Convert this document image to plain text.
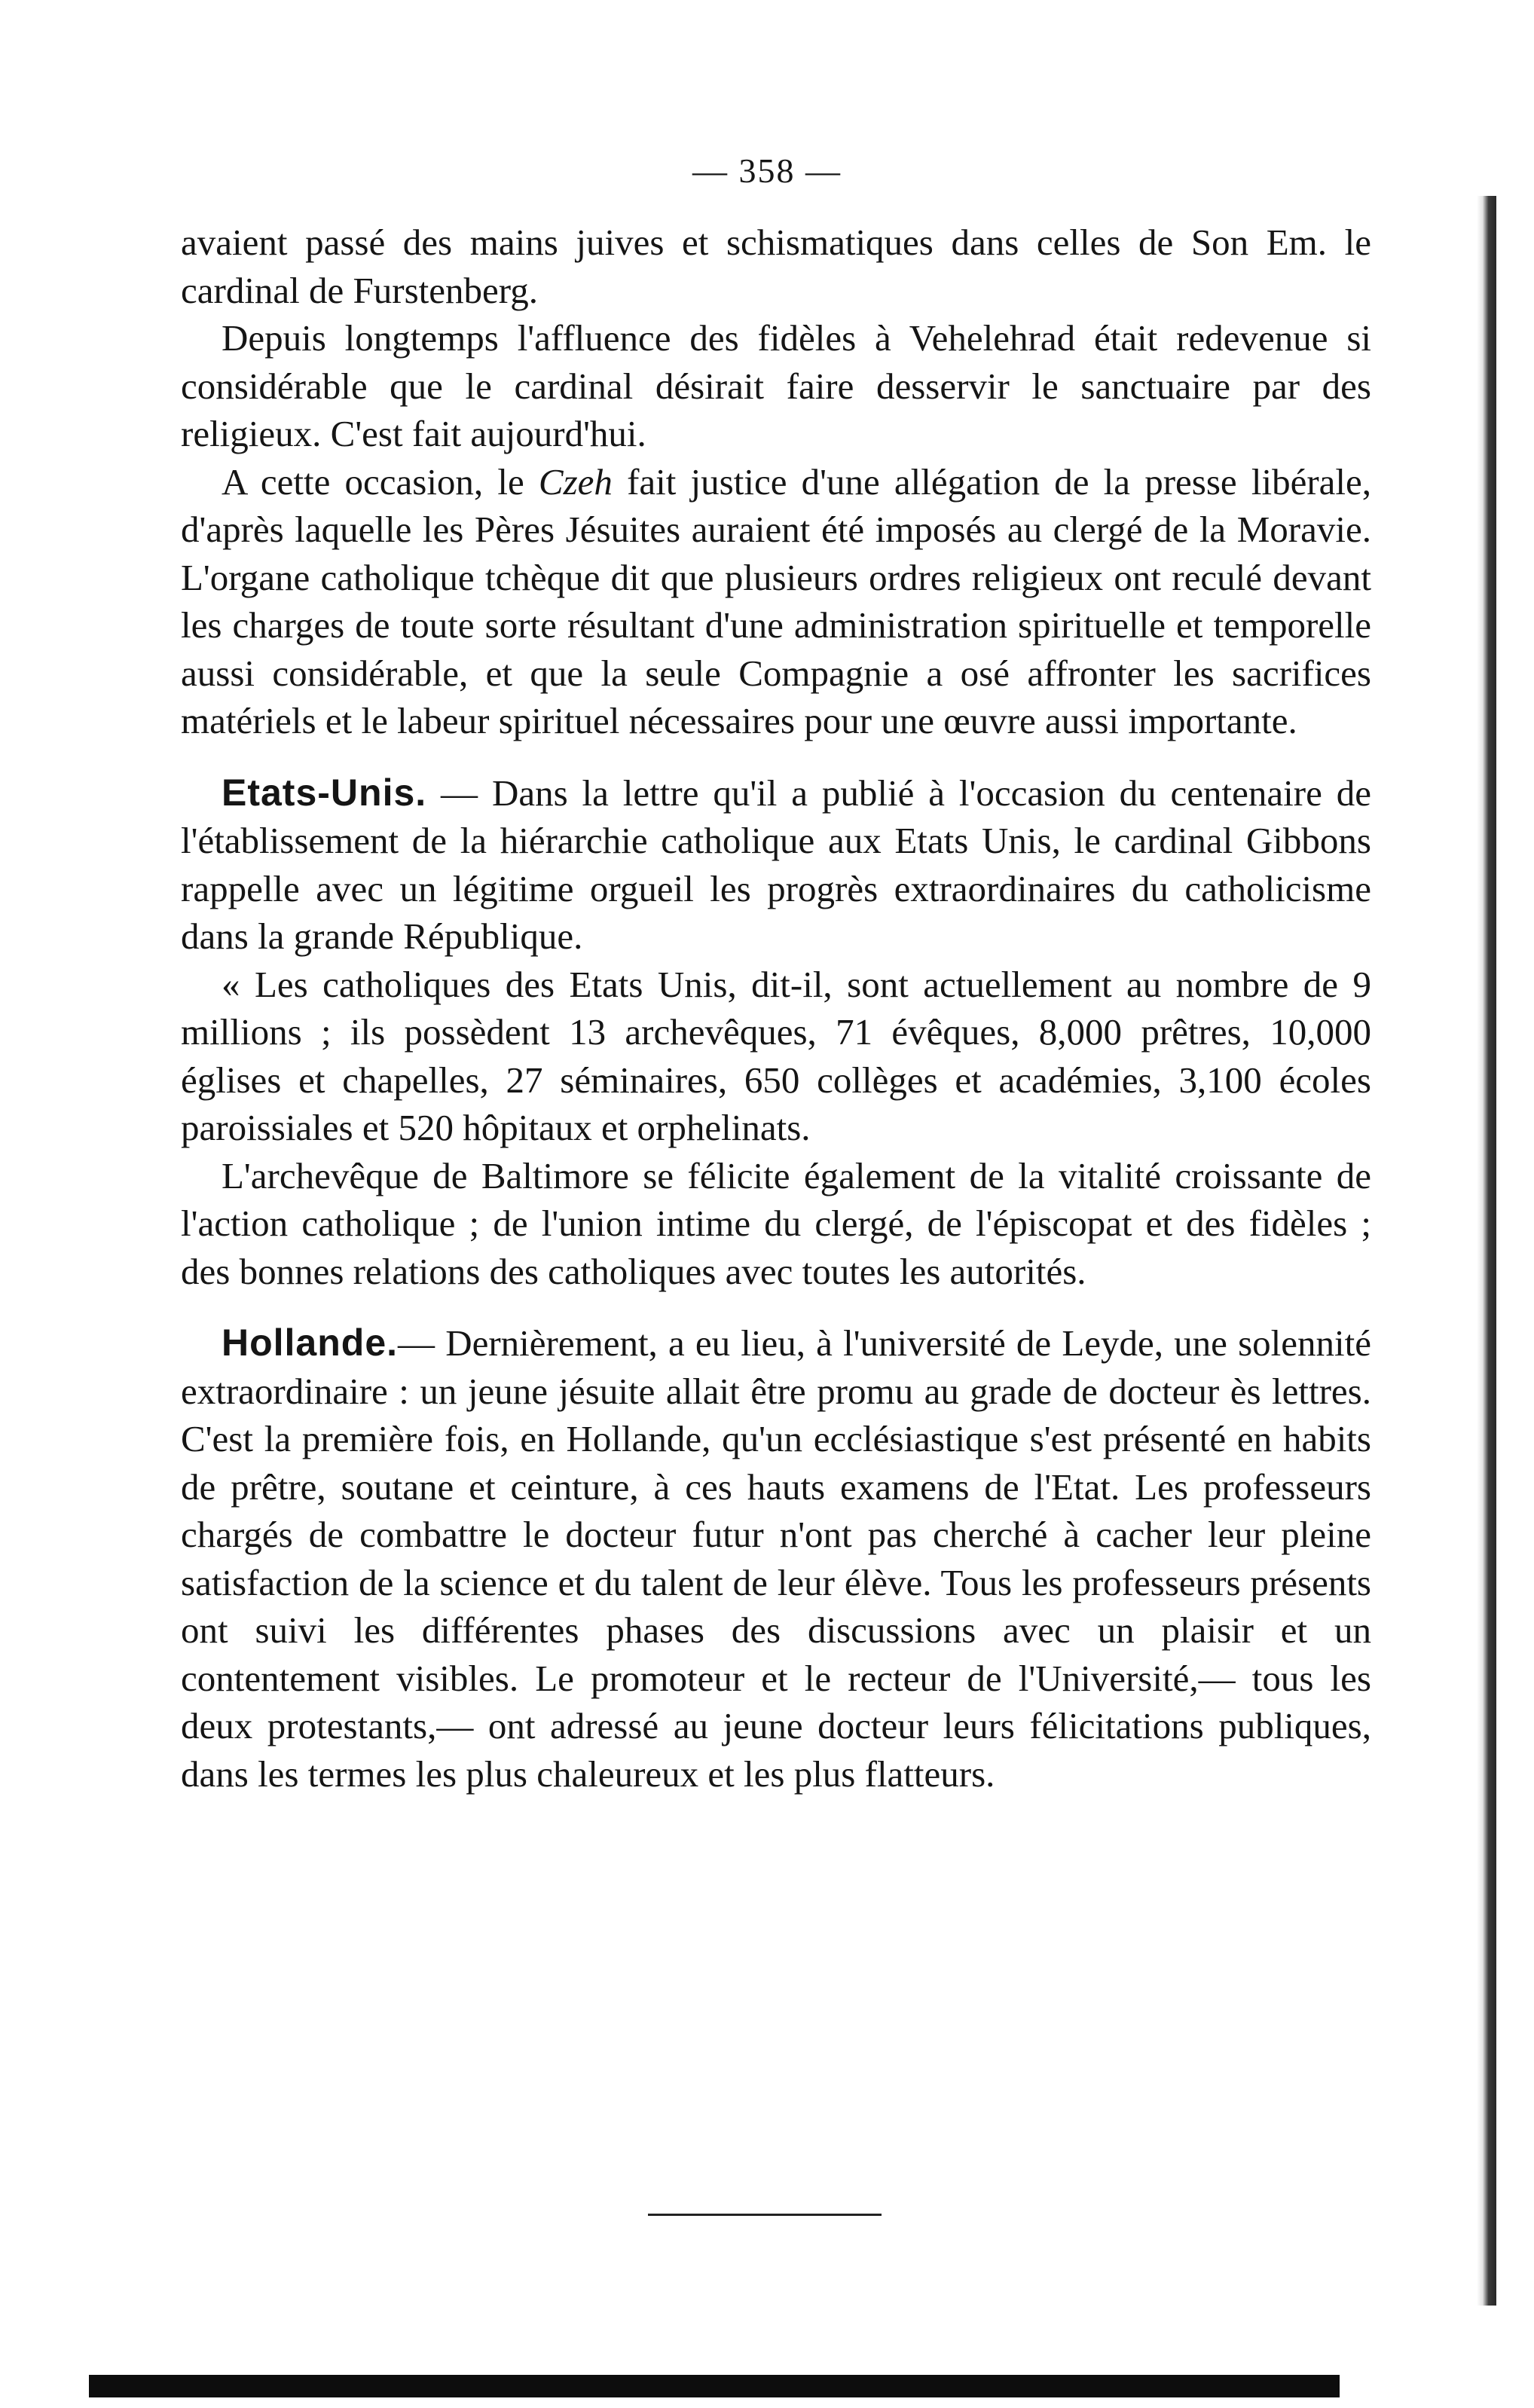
— 358 —

avaient passé des mains juives et schismatiques dans celles de Son Em. le cardinal de Furstenberg.

Depuis longtemps l'affluence des fidèles à Vehelehrad était redevenue si considérable que le cardinal désirait faire desservir le sanctuaire par des religieux. C'est fait aujourd'hui.

A cette occasion, le Czeh fait justice d'une allégation de la presse libérale, d'après laquelle les Pères Jésuites auraient été imposés au clergé de la Moravie. L'organe catholique tchèque dit que plusieurs ordres religieux ont reculé devant les charges de toute sorte résultant d'une administration spirituelle et temporelle aussi considérable, et que la seule Compagnie a osé affronter les sacrifices matériels et le labeur spirituel nécessaires pour une œuvre aussi importante.

Etats-Unis. — Dans la lettre qu'il a publié à l'occasion du centenaire de l'établissement de la hiérarchie catholique aux Etats Unis, le cardinal Gibbons rappelle avec un légitime orgueil les progrès extraordinaires du catholicisme dans la grande République.

« Les catholiques des Etats Unis, dit-il, sont actuellement au nombre de 9 millions ; ils possèdent 13 archevêques, 71 évêques, 8,000 prêtres, 10,000 églises et chapelles, 27 séminaires, 650 collèges et académies, 3,100 écoles paroissiales et 520 hôpitaux et orphelinats.

L'archevêque de Baltimore se félicite également de la vitalité croissante de l'action catholique ; de l'union intime du clergé, de l'épiscopat et des fidèles ; des bonnes relations des catholiques avec toutes les autorités.

Hollande.— Dernièrement, a eu lieu, à l'université de Leyde, une solennité extraordinaire : un jeune jésuite allait être promu au grade de docteur ès lettres. C'est la première fois, en Hollande, qu'un ecclésiastique s'est présenté en habits de prêtre, soutane et ceinture, à ces hauts examens de l'Etat. Les professeurs chargés de combattre le docteur futur n'ont pas cherché à cacher leur pleine satisfaction de la science et du talent de leur élève. Tous les professeurs présents ont suivi les différentes phases des discussions avec un plaisir et un contentement visibles. Le promoteur et le recteur de l'Université,— tous les deux protestants,— ont adressé au jeune docteur leurs félicitations publiques, dans les termes les plus chaleureux et les plus flatteurs.
